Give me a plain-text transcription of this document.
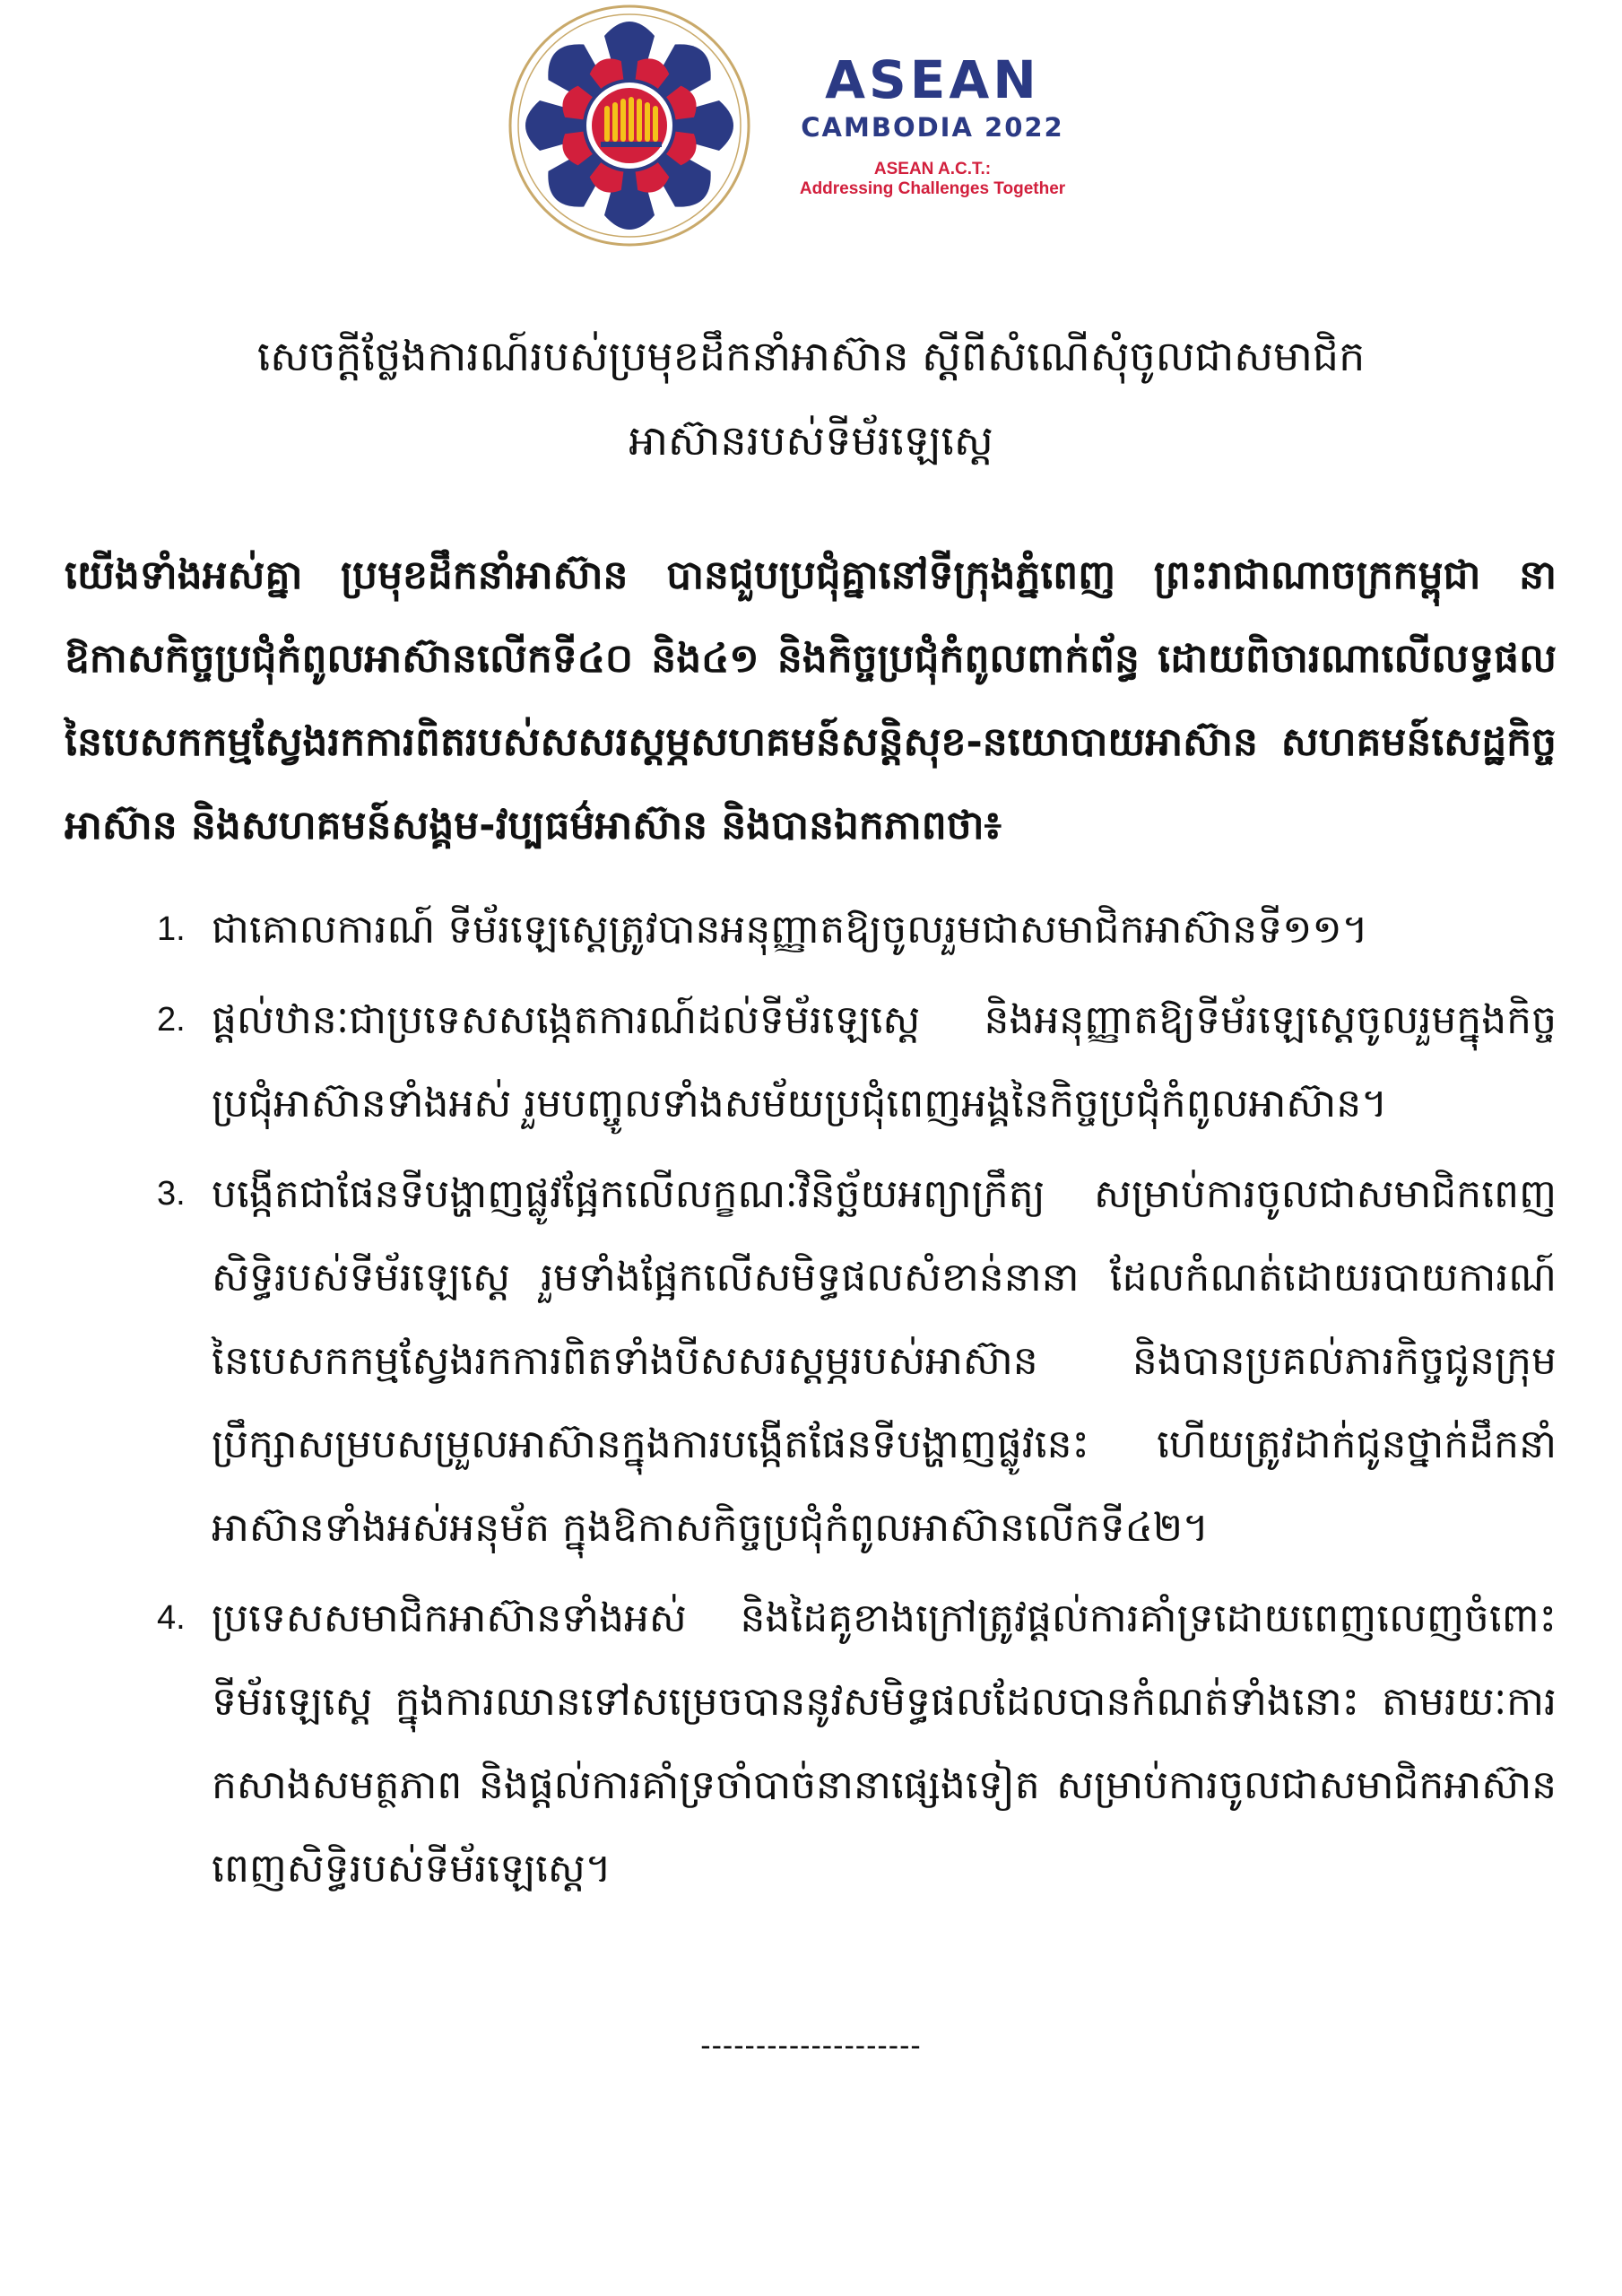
ASEAN
CAMBODIA 2022
ASEAN A.C.T.:
Addressing Challenges Together
សេចក្តីថ្លែងការណ៍របស់ប្រមុខដឹកនាំអាស៊ាន ស្តីពីសំណើសុំចូលជាសមាជិក
អាស៊ានរបស់ទីម័រឡេស្តេ
យើងទាំងអស់គ្នា ប្រមុខដឹកនាំអាស៊ាន បានជួបប្រជុំគ្នានៅទីក្រុងភ្នំពេញ ព្រះរាជាណាចក្រកម្ពុជា នាឱកាសកិច្ចប្រជុំកំពូលអាស៊ានលើកទី៤០ និង៤១ និងកិច្ចប្រជុំកំពូលពាក់ព័ន្ធ ដោយពិចារណាលើលទ្ធផល នៃបេសកកម្មស្វែងរកការពិតរបស់សសរស្តម្ភសហគមន៍សន្តិសុខ-នយោបាយអាស៊ាន សហគមន៍សេដ្ឋកិច្ចអាស៊ាន និងសហគមន៍សង្គម-វប្បធម៌អាស៊ាន និងបានឯកភាពថា៖
1. ជាគោលការណ៍ ទីម័រឡេស្តេត្រូវបានអនុញ្ញាតឱ្យចូលរួមជាសមាជិកអាស៊ានទី១១។
2. ផ្តល់ឋានៈជាប្រទេសសង្កេតការណ៍ដល់ទីម័រឡេស្តេ និងអនុញ្ញាតឱ្យទីម័រឡេស្តេចូលរួមក្នុងកិច្ចប្រជុំអាស៊ានទាំងអស់ រួមបញ្ចូលទាំងសម័យប្រជុំពេញអង្គនៃកិច្ចប្រជុំកំពូលអាស៊ាន។
3. បង្កើតជាផែនទីបង្ហាញផ្លូវផ្អែកលើលក្ខណៈវិនិច្ឆ័យអព្យាក្រឹត្យ សម្រាប់ការចូលជាសមាជិកពេញសិទ្ធិរបស់ទីម័រឡេស្តេ រួមទាំងផ្អែកលើសមិទ្ធផលសំខាន់នានា ដែលកំណត់ដោយរបាយការណ៍នៃបេសកកម្មស្វែងរកការពិតទាំងបីសសរស្តម្ភរបស់អាស៊ាន និងបានប្រគល់ភារកិច្ចជូនក្រុមប្រឹក្សាសម្របសម្រួលអាស៊ានក្នុងការបង្កើតផែនទីបង្ហាញផ្លូវនេះ ហើយត្រូវដាក់ជូនថ្នាក់ដឹកនាំអាស៊ានទាំងអស់អនុម័ត ក្នុងឱកាសកិច្ចប្រជុំកំពូលអាស៊ានលើកទី៤២។
4. ប្រទេសសមាជិកអាស៊ានទាំងអស់ និងដៃគូខាងក្រៅត្រូវផ្តល់ការគាំទ្រដោយពេញលេញចំពោះ ទីម័រឡេស្តេ ក្នុងការឈានទៅសម្រេចបាននូវសមិទ្ធផលដែលបានកំណត់ទាំងនោះ តាមរយៈការ កសាងសមត្ថភាព និងផ្តល់ការគាំទ្រចាំបាច់នានាផ្សេងទៀត សម្រាប់ការចូលជាសមាជិកអាស៊ានពេញសិទ្ធិរបស់ទីម័រឡេស្តេ។
--------------------
